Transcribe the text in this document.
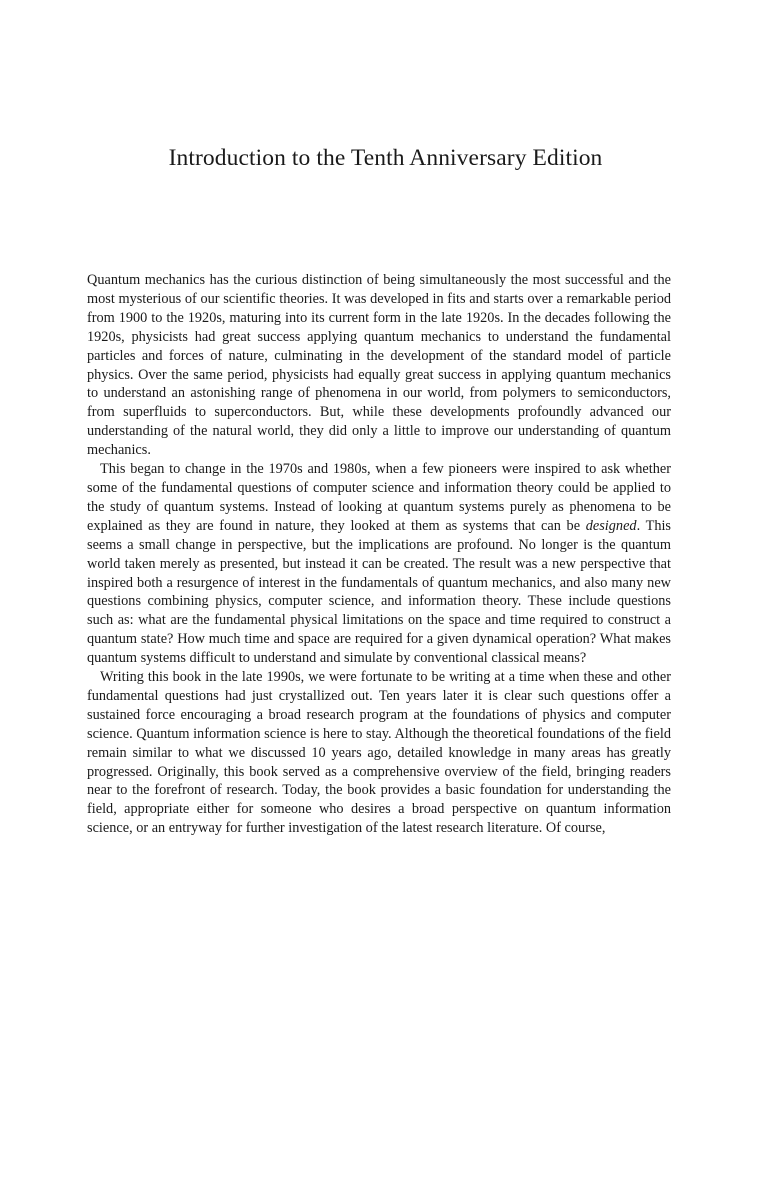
Introduction to the Tenth Anniversary Edition

Quantum mechanics has the curious distinction of being simultaneously the most successful and the most mysterious of our scientific theories. It was developed in fits and starts over a remarkable period from 1900 to the 1920s, maturing into its current form in the late 1920s. In the decades following the 1920s, physicists had great success applying quantum mechanics to understand the fundamental particles and forces of nature, culminating in the development of the standard model of particle physics. Over the same period, physicists had equally great success in applying quantum mechanics to understand an astonishing range of phenomena in our world, from polymers to semiconductors, from superfluids to superconductors. But, while these developments profoundly advanced our understanding of the natural world, they did only a little to improve our understanding of quantum mechanics.

This began to change in the 1970s and 1980s, when a few pioneers were inspired to ask whether some of the fundamental questions of computer science and information theory could be applied to the study of quantum systems. Instead of looking at quantum systems purely as phenomena to be explained as they are found in nature, they looked at them as systems that can be designed. This seems a small change in perspective, but the implications are profound. No longer is the quantum world taken merely as presented, but instead it can be created. The result was a new perspective that inspired both a resurgence of interest in the fundamentals of quantum mechanics, and also many new questions combining physics, computer science, and information theory. These include questions such as: what are the fundamental physical limitations on the space and time required to construct a quantum state? How much time and space are required for a given dynamical operation? What makes quantum systems difficult to understand and simulate by conventional classical means?

Writing this book in the late 1990s, we were fortunate to be writing at a time when these and other fundamental questions had just crystallized out. Ten years later it is clear such questions offer a sustained force encouraging a broad research program at the foundations of physics and computer science. Quantum information science is here to stay. Although the theoretical foundations of the field remain similar to what we discussed 10 years ago, detailed knowledge in many areas has greatly progressed. Originally, this book served as a comprehensive overview of the field, bringing readers near to the forefront of research. Today, the book provides a basic foundation for understanding the field, appropriate either for someone who desires a broad perspective on quantum information science, or an entryway for further investigation of the latest research literature. Of course,
